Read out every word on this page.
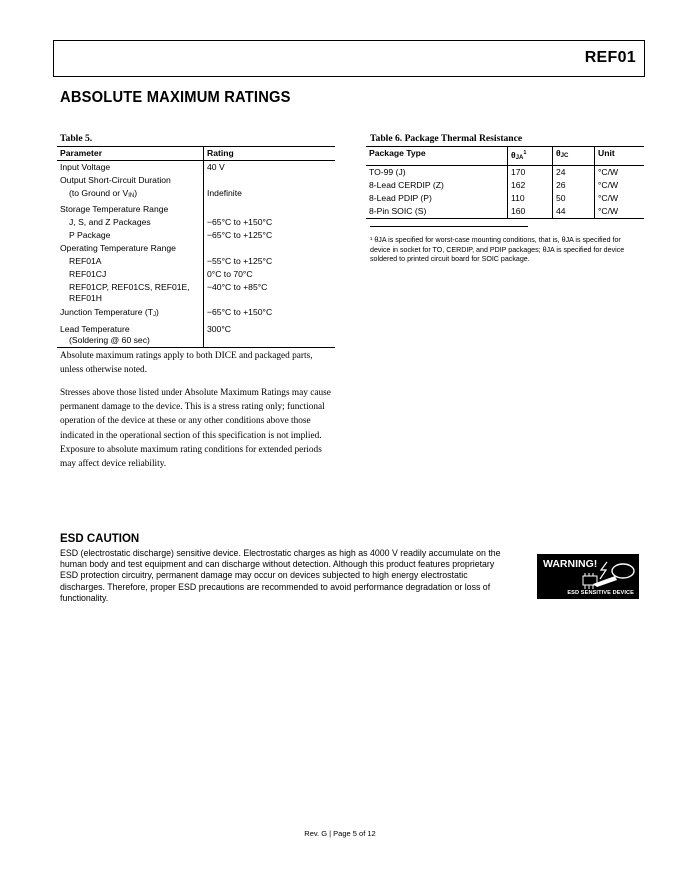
REF01
ABSOLUTE MAXIMUM RATINGS
Table 5.
Parameter	Rating
Input Voltage	40 V
Output Short-Circuit Duration	
(to Ground or $V_{IN}$)	Indefinite
Storage Temperature Range	
J, S, and Z Packages	−65°C to +150°C
P Package	−65°C to +125°C
Operating Temperature Range	
REF01A	−55°C to +125°C
REF01CJ	0°C to 70°C
REF01CP, REF01CS, REF01E,
REF01H	−40°C to +85°C
Junction Temperature $(T_J)$	−65°C to +150°C
Lead Temperature
(Soldering @ 60 sec)	300°C
Absolute maximum ratings apply to both DICE and packaged parts, unless otherwise noted.
Stresses above those listed under Absolute Maximum Ratings may cause permanent damage to the device. This is a stress rating only; functional operation of the device at these or any other conditions above those indicated in the operational section of this specification is not implied. Exposure to absolute maximum rating conditions for extended periods may affect device reliability.
Table 6. Package Thermal Resistance
Package Type	$\theta_{JA}^1$	$\theta_{JC}$	Unit
TO-99 (J)	170	24	°C/W
8-Lead CERDIP (Z)	162	26	°C/W
8-Lead PDIP (P)	110	50	°C/W
8-Pin SOIC (S)	160	44	°C/W
¹ θJA is specified for worst-case mounting conditions, that is, θJA is specified for device in socket for TO, CERDIP, and PDIP packages; θJA is specified for device soldered to printed circuit board for SOIC package.
ESD CAUTION
ESD (electrostatic discharge) sensitive device. Electrostatic charges as high as 4000 V readily accumulate on the human body and test equipment and can discharge without detection. Although this product features proprietary ESD protection circuitry, permanent damage may occur on devices subjected to high energy electrostatic discharges. Therefore, proper ESD precautions are recommended to avoid performance degradation or loss of functionality.
WARNING!
ESD SENSITIVE DEVICE
Rev. G | Page 5 of 12
